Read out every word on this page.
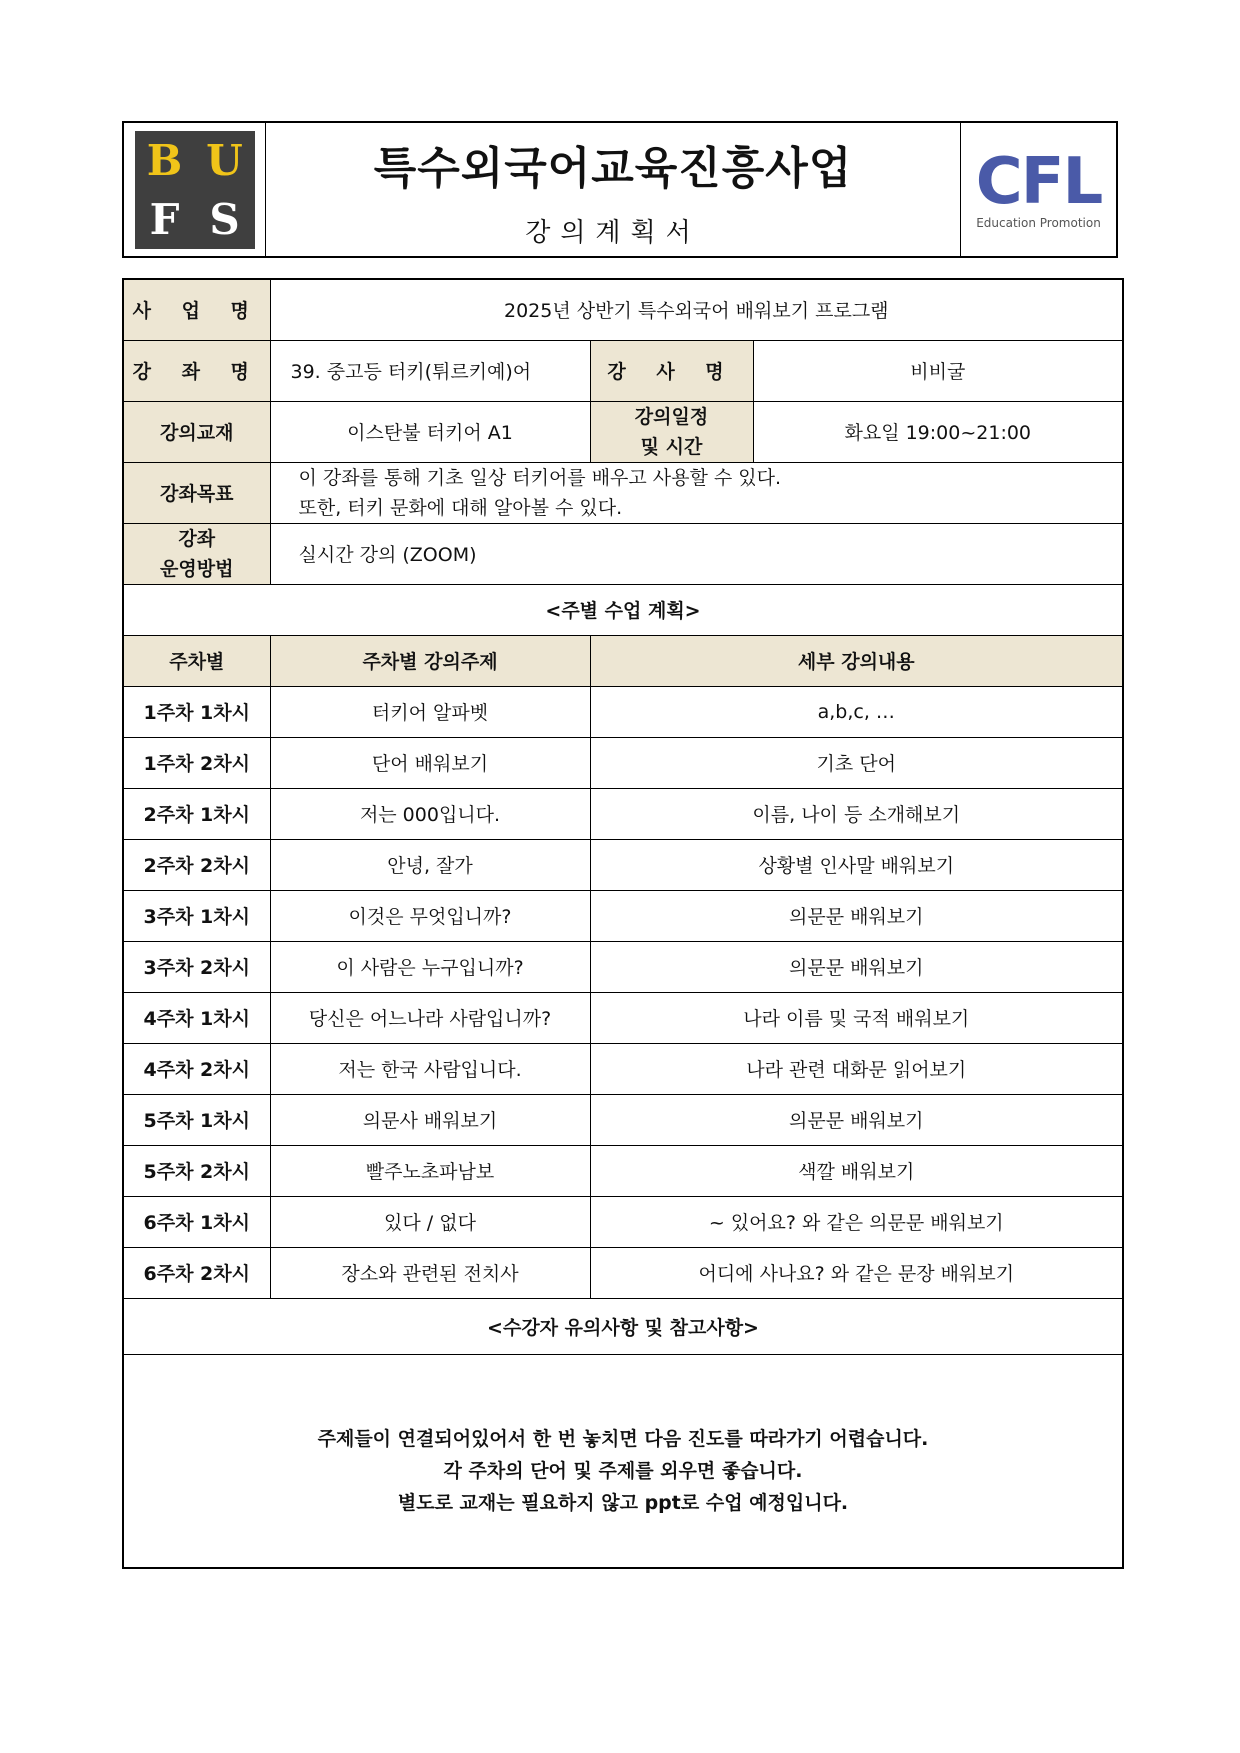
B U
F S
특수외국어교육진흥사업
강의계획서
CFL
Education Promotion
사 업 명	2025년 상반기 특수외국어 배워보기 프로그램		
강 좌 명	39. 중고등 터키(튀르키예)어	강 사 명	비비굴
강의교재	이스탄불 터키어 A1	강의일정
및 시간	화요일 19:00~21:00
강좌목표	이 강좌를 통해 기초 일상 터키어를 배우고 사용할 수 있다.
또한, 터키 문화에 대해 알아볼 수 있다.		

강좌
운영방법	실시간 강의 (ZOOM)		
<주별 수업 계획>			
주차별	주차별 강의주제	세부 강의내용	
1주차 1차시	터키어 알파벳	a,b,c, …	
1주차 2차시	단어 배워보기	기초 단어	
2주차 1차시	저는 000입니다.	이름, 나이 등 소개해보기	
2주차 2차시	안녕, 잘가	상황별 인사말 배워보기	
3주차 1차시	이것은 무엇입니까?	의문문 배워보기	
3주차 2차시	이 사람은 누구입니까?	의문문 배워보기	
4주차 1차시	당신은 어느나라 사람입니까?	나라 이름 및 국적 배워보기	
4주차 2차시	저는 한국 사람입니다.	나라 관련 대화문 읽어보기	
5주차 1차시	의문사 배워보기	의문문 배워보기	
5주차 2차시	빨주노초파남보	색깔 배워보기	
6주차 1차시	있다 / 없다	~ 있어요? 와 같은 의문문 배워보기	
6주차 2차시	장소와 관련된 전치사	어디에 사나요? 와 같은 문장 배워보기	
<수강자 유의사항 및 참고사항>			

주제들이 연결되어있어서 한 번 놓치면 다음 진도를 따라가기 어렵습니다.
각 주차의 단어 및 주제를 외우면 좋습니다.
별도로 교재는 필요하지 않고 ppt로 수업 예정입니다.			
